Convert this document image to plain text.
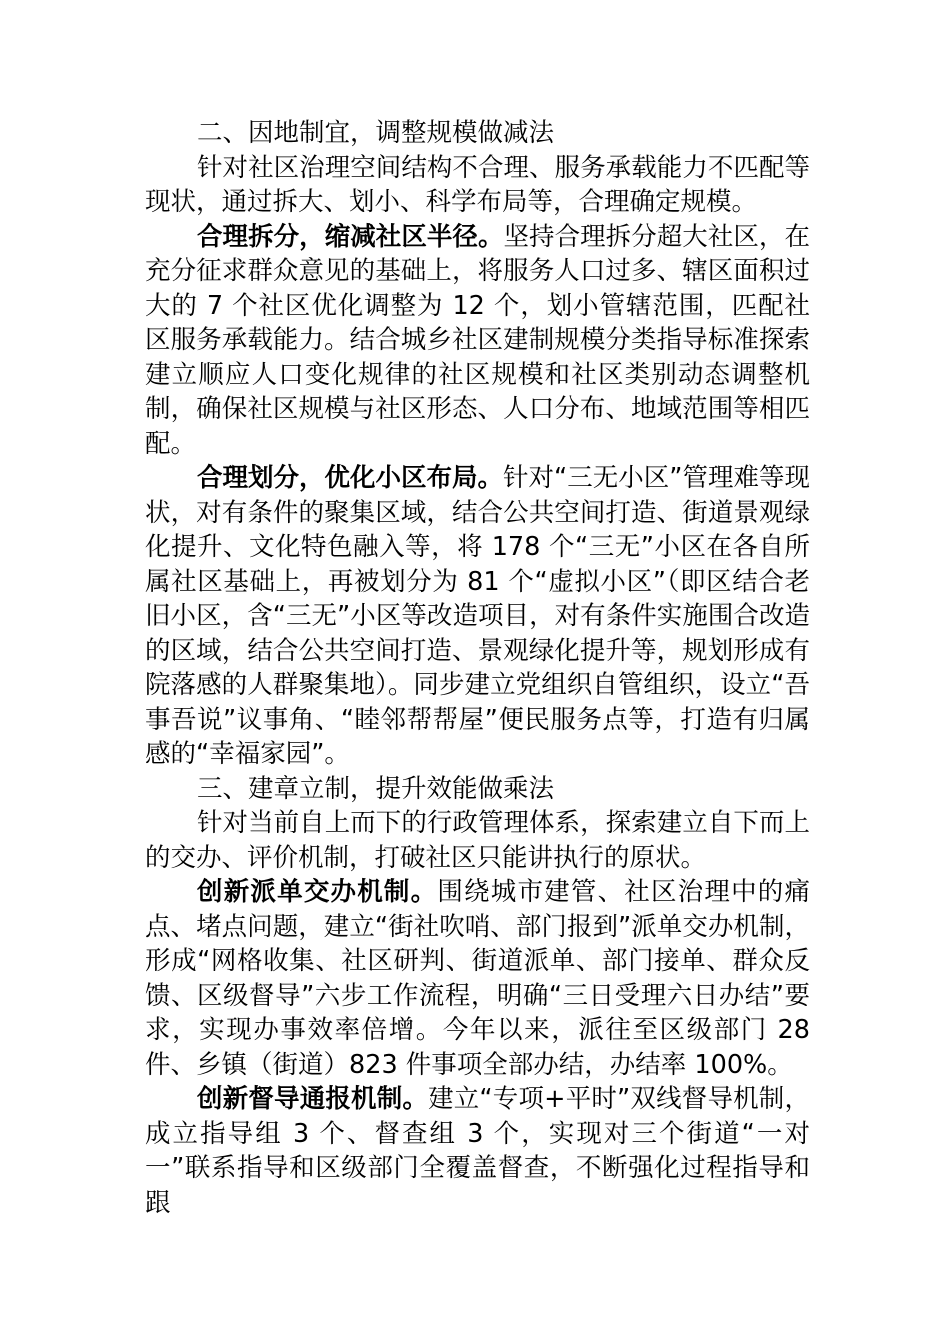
二、因地制宜，调整规模做减法

针对社区治理空间结构不合理、服务承载能力不匹配等现状，通过拆大、划小、科学布局等，合理确定规模。

合理拆分，缩减社区半径。坚持合理拆分超大社区，在充分征求群众意见的基础上，将服务人口过多、辖区面积过大的 7 个社区优化调整为 12 个，划小管辖范围，匹配社区服务承载能力。结合城乡社区建制规模分类指导标准探索建立顺应人口变化规律的社区规模和社区类别动态调整机制，确保社区规模与社区形态、人口分布、地域范围等相匹配。

合理划分，优化小区布局。针对“三无小区”管理难等现状，对有条件的聚集区域，结合公共空间打造、街道景观绿化提升、文化特色融入等，将 178 个“三无”小区在各自所属社区基础上，再被划分为 81 个“虚拟小区”（即区结合老旧小区，含“三无”小区等改造项目，对有条件实施围合改造的区域，结合公共空间打造、景观绿化提升等，规划形成有院落感的人群聚集地）。同步建立党组织自管组织，设立“吾事吾说”议事角、“睦邻帮帮屋”便民服务点等，打造有归属感的“幸福家园”。

三、建章立制，提升效能做乘法

针对当前自上而下的行政管理体系，探索建立自下而上的交办、评价机制，打破社区只能讲执行的原状。

创新派单交办机制。围绕城市建管、社区治理中的痛点、堵点问题，建立“街社吹哨、部门报到”派单交办机制，形成“网格收集、社区研判、街道派单、部门接单、群众反馈、区级督导”六步工作流程，明确“三日受理六日办结”要求，实现办事效率倍增。今年以来，派往至区级部门 28 件、乡镇（街道）823 件事项全部办结，办结率 100%。

创新督导通报机制。建立“专项+平时”双线督导机制，成立指导组 3 个、督查组 3 个，实现对三个街道“一对一”联系指导和区级部门全覆盖督查，不断强化过程指导和跟
